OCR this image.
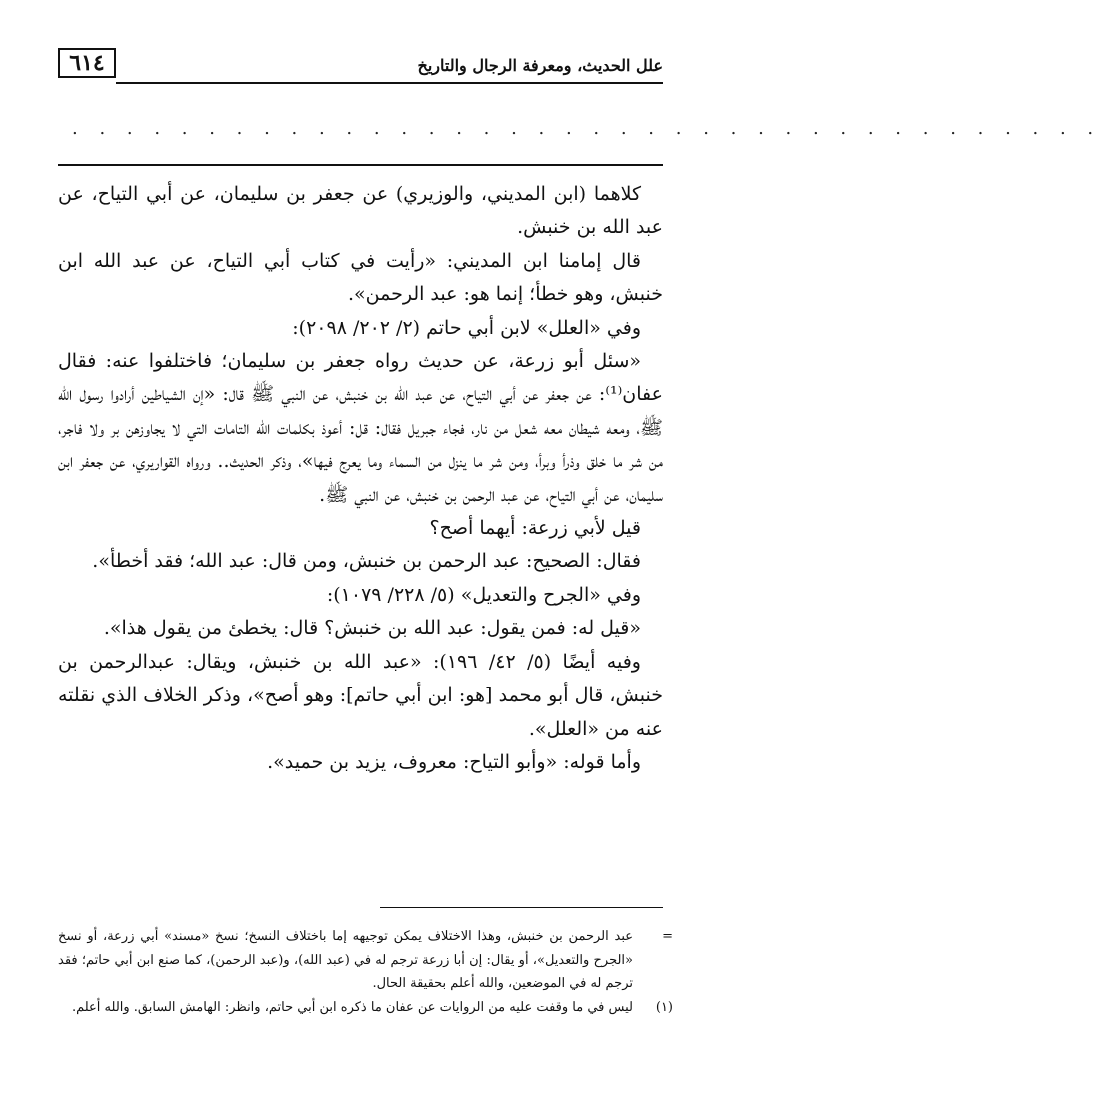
٦١٤	علل الحديث، ومعرفة الرجال والتاريخ
. . . . . . . . . . . . . . . . . . . . . . . . . . . . . . . . . . . . . .

كلاهما (ابن المديني، والوزيري) عن جعفر بن سليمان، عن أبي التياح، عن عبد الله بن خنبش.

قال إمامنا ابن المديني: «رأيت في كتاب أبي التياح، عن عبد الله ابن خنبش، وهو خطأ؛ إنما هو: عبد الرحمن».

وفي «العلل» لابن أبي حاتم (٢/ ٢٠٢/ ٢٠٩٨):

«سئل أبو زرعة، عن حديث رواه جعفر بن سليمان؛ فاختلفوا عنه: فقال عفان⁽¹⁾: عن جعفر عن أبي التياح، عن عبد الله بن خنبش، عن النبي ﷺ قال: «إن الشياطين أرادوا رسول الله ﷺ، ومعه شيطان معه شعل من نار، فجاء جبريل فقال: قل: أعوذ بكلمات الله التامات التي لا يجاوزهن بر ولا فاجر، من شر ما خلق وذرأ وبرأ، ومن شر ما ينزل من السماء وما يعرج فيها»، وذكر الحديث.. ورواه القواريري، عن جعفر ابن سليمان، عن أبي التياح، عن عبد الرحمن بن خنبش، عن النبي ﷺ.

قيل لأبي زرعة: أيهما أصح؟

فقال: الصحيح: عبد الرحمن بن خنبش، ومن قال: عبد الله؛ فقد أخطأ».

وفي «الجرح والتعديل» (٥/ ٢٢٨/ ١٠٧٩):

«قيل له: فمن يقول: عبد الله بن خنبش؟ قال: يخطئ من يقول هذا».

وفيه أيضًا (٥/ ٤٢/ ١٩٦): «عبد الله بن خنبش، ويقال: عبدالرحمن بن خنبش، قال أبو محمد [هو: ابن أبي حاتم]: وهو أصح»، وذكر الخلاف الذي نقلته عنه من «العلل».

وأما قوله: «وأبو التياح: معروف، يزيد بن حميد».

=
عبد الرحمن بن خنبش، وهذا الاختلاف يمكن توجيهه إما باختلاف النسخ؛ نسخ «مسند» أبي زرعة، أو نسخ «الجرح والتعديل»، أو يقال: إن أبا زرعة ترجم له في (عبد الله)، و(عبد الرحمن)، كما صنع ابن أبي حاتم؛ فقد ترجم له في الموضعين، والله أعلم بحقيقة الحال.
(١)
ليس في ما وقفت عليه من الروايات عن عفان ما ذكره ابن أبي حاتم، وانظر: الهامش السابق. والله أعلم.
